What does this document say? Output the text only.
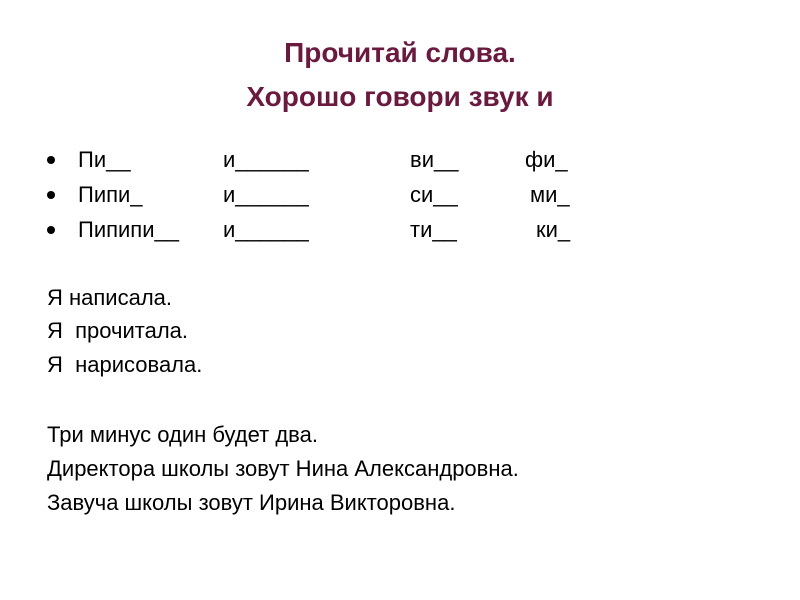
Прочитай слова.
Хорошо говори звук и
Пи__	и______	ви__	фи_
Пипи_	и______	си__	ми_
Пипипи__ и______	ти__	ки_
Я написала.
Я  прочитала.
Я  нарисовала.
Три минус один будет два.
Директора школы зовут Нина Александровна.
Завуча школы зовут Ирина Викторовна.
